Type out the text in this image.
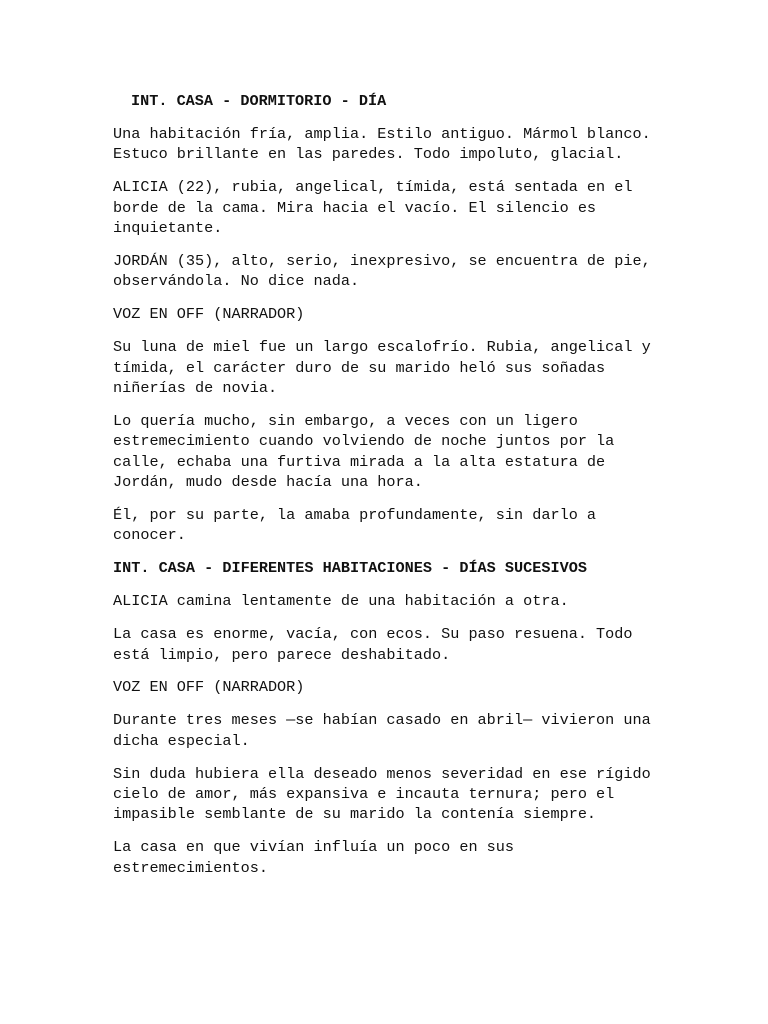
INT. CASA - DORMITORIO - DÍA

Una habitación fría, amplia. Estilo antiguo. Mármol blanco.
Estuco brillante en las paredes. Todo impoluto, glacial.

ALICIA (22), rubia, angelical, tímida, está sentada en el
borde de la cama. Mira hacia el vacío. El silencio es
inquietante.

JORDÁN (35), alto, serio, inexpresivo, se encuentra de pie,
observándola. No dice nada.

VOZ EN OFF (NARRADOR)

Su luna de miel fue un largo escalofrío. Rubia, angelical y
tímida, el carácter duro de su marido heló sus soñadas
niñerías de novia.

Lo quería mucho, sin embargo, a veces con un ligero
estremecimiento cuando volviendo de noche juntos por la
calle, echaba una furtiva mirada a la alta estatura de
Jordán, mudo desde hacía una hora.

Él, por su parte, la amaba profundamente, sin darlo a
conocer.

INT. CASA - DIFERENTES HABITACIONES - DÍAS SUCESIVOS

ALICIA camina lentamente de una habitación a otra.

La casa es enorme, vacía, con ecos. Su paso resuena. Todo
está limpio, pero parece deshabitado.

VOZ EN OFF (NARRADOR)

Durante tres meses —se habían casado en abril— vivieron una
dicha especial.

Sin duda hubiera ella deseado menos severidad en ese rígido
cielo de amor, más expansiva e incauta ternura; pero el
impasible semblante de su marido la contenía siempre.

La casa en que vivían influía un poco en sus
estremecimientos.
